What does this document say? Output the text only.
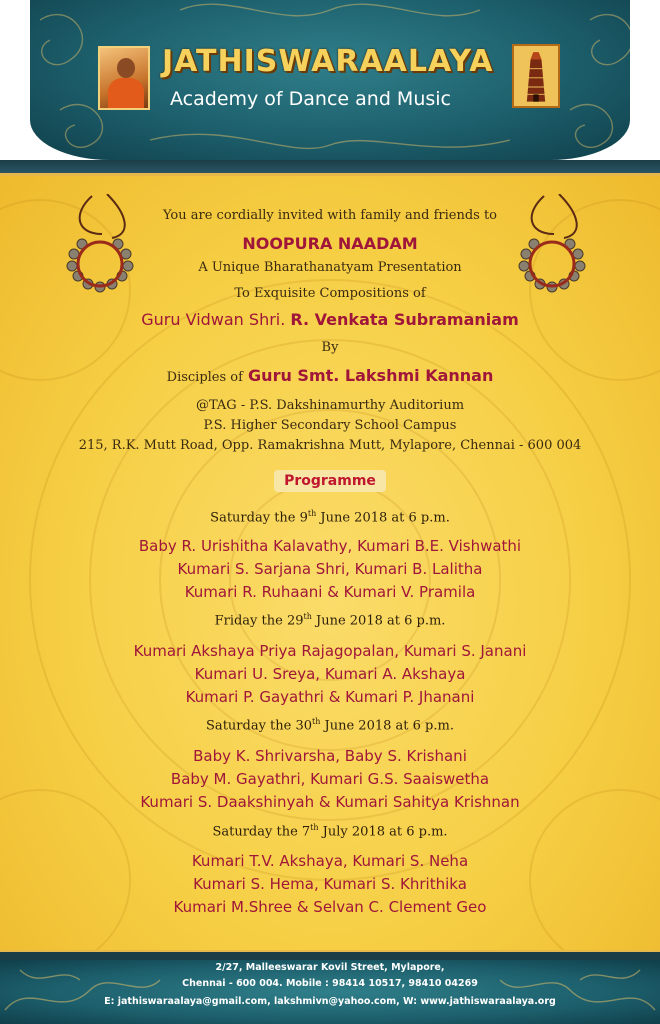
JATHISWARAALAYA
Academy of Dance and Music
You are cordially invited with family and friends to
NOOPURA NAADAM
A Unique Bharathanatyam Presentation
To Exquisite Compositions of
Guru Vidwan Shri. R. Venkata Subramaniam
By
Disciples of Guru Smt. Lakshmi Kannan
@TAG - P.S. Dakshinamurthy Auditorium
P.S. Higher Secondary School Campus
215, R.K. Mutt Road, Opp. Ramakrishna Mutt, Mylapore, Chennai - 600 004
Programme
Saturday the 9th June 2018 at 6 p.m.
Baby R. Urishitha Kalavathy, Kumari B.E. Vishwathi
Kumari S. Sarjana Shri, Kumari B. Lalitha
Kumari R. Ruhaani & Kumari V. Pramila
Friday the 29th June 2018 at 6 p.m.
Kumari Akshaya Priya Rajagopalan, Kumari S. Janani
Kumari U. Sreya, Kumari A. Akshaya
Kumari P. Gayathri & Kumari P. Jhanani
Saturday the 30th June 2018 at 6 p.m.
Baby K. Shrivarsha, Baby S. Krishani
Baby M. Gayathri, Kumari G.S. Saaiswetha
Kumari S. Daakshinyah & Kumari Sahitya Krishnan
Saturday the 7th July 2018 at 6 p.m.
Kumari T.V. Akshaya, Kumari S. Neha
Kumari S. Hema, Kumari S. Khrithika
Kumari M.Shree & Selvan C. Clement Geo
2/27, Malleeswarar Kovil Street, Mylapore,
Chennai - 600 004. Mobile : 98414 10517, 98410 04269
E: jathiswaraalaya@gmail.com, lakshmivn@yahoo.com, W: www.jathiswaraalaya.org
